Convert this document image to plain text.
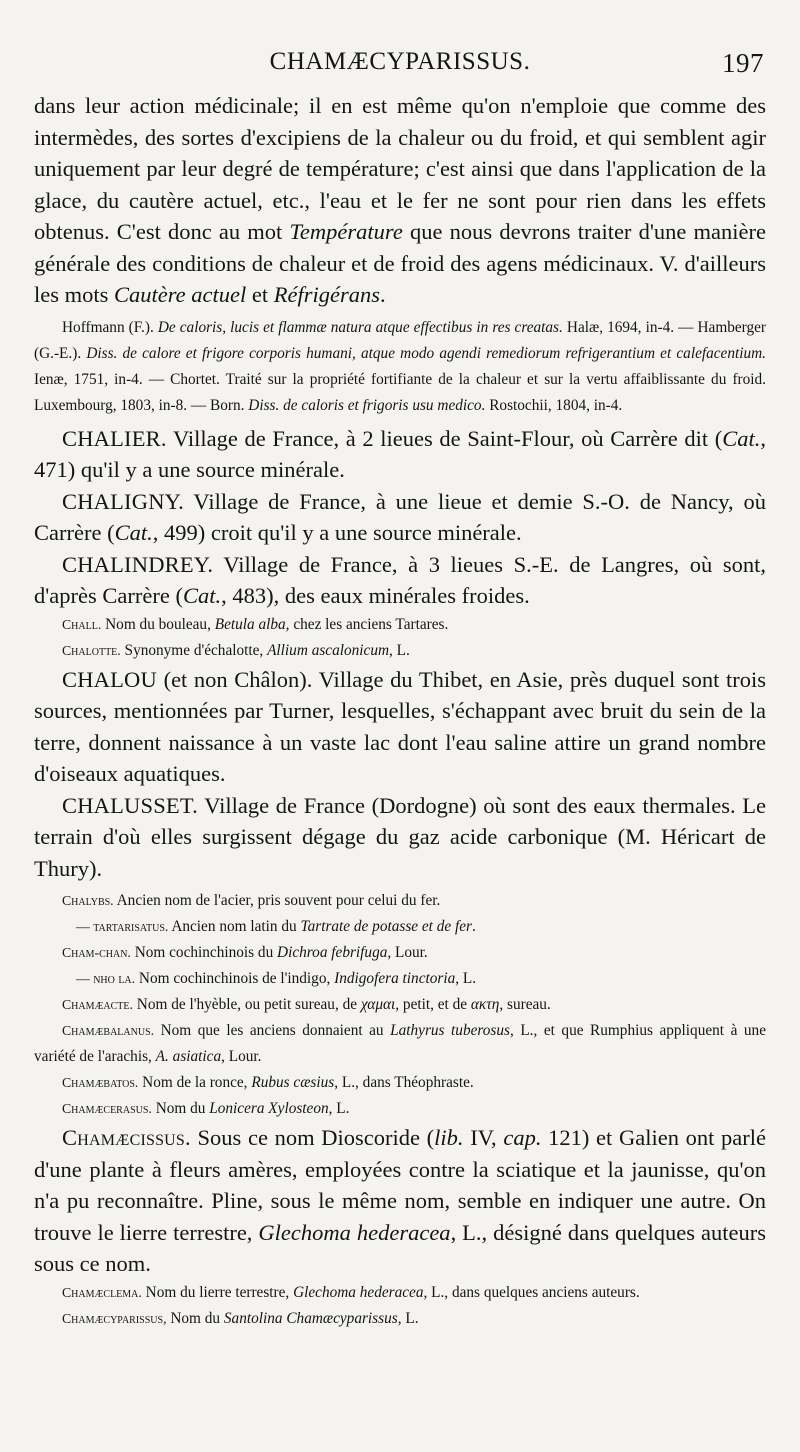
CHAMÆCYPARISSUS.	197

dans leur action médicinale; il en est même qu'on n'emploie que comme des intermèdes, des sortes d'excipiens de la chaleur ou du froid, et qui semblent agir uniquement par leur degré de température; c'est ainsi que dans l'application de la glace, du cautère actuel, etc., l'eau et le fer ne sont pour rien dans les effets obtenus. C'est donc au mot Température que nous devrons traiter d'une manière générale des conditions de chaleur et de froid des agens médicinaux. V. d'ailleurs les mots Cautère actuel et Réfrigérans.

Hoffmann (F.). De caloris, lucis et flammæ natura atque effectibus in res creatas. Halæ, 1694, in-4. — Hamberger (G.-E.). Diss. de calore et frigore corporis humani, atque modo agendi remediorum refrigerantium et calefacentium. Ienæ, 1751, in-4. — Chortet. Traité sur la propriété fortifiante de la chaleur et sur la vertu affaiblissante du froid. Luxembourg, 1803, in-8. — Born. Diss. de caloris et frigoris usu medico. Rostochii, 1804, in-4.

CHALIER. Village de France, à 2 lieues de Saint-Flour, où Carrère dit (Cat., 471) qu'il y a une source minérale.

CHALIGNY. Village de France, à une lieue et demie S.-O. de Nancy, où Carrère (Cat., 499) croit qu'il y a une source minérale.

CHALINDREY. Village de France, à 3 lieues S.-E. de Langres, où sont, d'après Carrère (Cat., 483), des eaux minérales froides.

Chall. Nom du bouleau, Betula alba, chez les anciens Tartares.

Chalotte. Synonyme d'échalotte, Allium ascalonicum, L.

CHALOU (et non Châlon). Village du Thibet, en Asie, près duquel sont trois sources, mentionnées par Turner, lesquelles, s'échappant avec bruit du sein de la terre, donnent naissance à un vaste lac dont l'eau saline attire un grand nombre d'oiseaux aquatiques.

CHALUSSET. Village de France (Dordogne) où sont des eaux thermales. Le terrain d'où elles surgissent dégage du gaz acide carbonique (M. Héricart de Thury).

Chalybs. Ancien nom de l'acier, pris souvent pour celui du fer.

— tartarisatus. Ancien nom latin du Tartrate de potasse et de fer.

Cham-chan. Nom cochinchinois du Dichroa febrifuga, Lour.

— nho la. Nom cochinchinois de l'indigo, Indigofera tinctoria, L.

Chamæacte. Nom de l'hyèble, ou petit sureau, de χαμαι, petit, et de ακτη, sureau.

Chamæbalanus. Nom que les anciens donnaient au Lathyrus tuberosus, L., et que Rumphius appliquent à une variété de l'arachis, A. asiatica, Lour.

Chamæbatos. Nom de la ronce, Rubus cæsius, L., dans Théophraste.

Chamæcerasus. Nom du Lonicera Xylosteon, L.

Chamæcissus. Sous ce nom Dioscoride (lib. IV, cap. 121) et Galien ont parlé d'une plante à fleurs amères, employées contre la sciatique et la jaunisse, qu'on n'a pu reconnaître. Pline, sous le même nom, semble en indiquer une autre. On trouve le lierre terrestre, Glechoma hederacea, L., désigné dans quelques auteurs sous ce nom.

Chamæclema. Nom du lierre terrestre, Glechoma hederacea, L., dans quelques anciens auteurs.

Chamæcyparissus, Nom du Santolina Chamæcyparissus, L.
